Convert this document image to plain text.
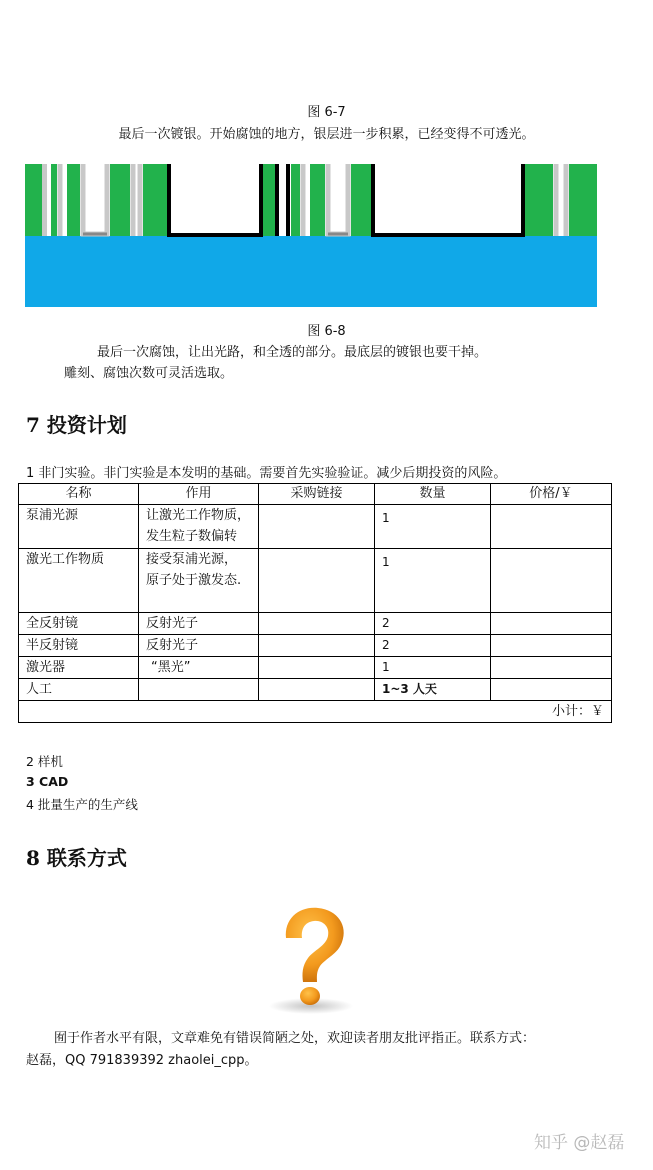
图 6-7
最后一次镀银。开始腐蚀的地方，银层进一步积累，已经变得不可透光。
图 6-8
最后一次腐蚀，让出光路，和全透的部分。最底层的镀银也要干掉。
雕刻、腐蚀次数可灵活选取。
7 投资计划
1 非门实验。非门实验是本发明的基础。需要首先实验验证。减少后期投资的风险。
名称	作用	采购链接	数量	价格/￥
泵浦光源	让激光工作物质，
发生粒子数偏转		1	
激光工作物质	接受泵浦光源，
原子处于激发态.		1	
全反射镜	反射光子		2	
半反射镜	反射光子		2	
激光器	“黑光”		1	
人工			1~3 人天	
小计：￥				
2 样机
3 CAD
4 批量生产的生产线
8 联系方式
囿于作者水平有限，文章难免有错误简陋之处，欢迎读者朋友批评指正。联系方式：
赵磊，QQ 791839392 zhaolei_cpp。
知乎 @赵磊
